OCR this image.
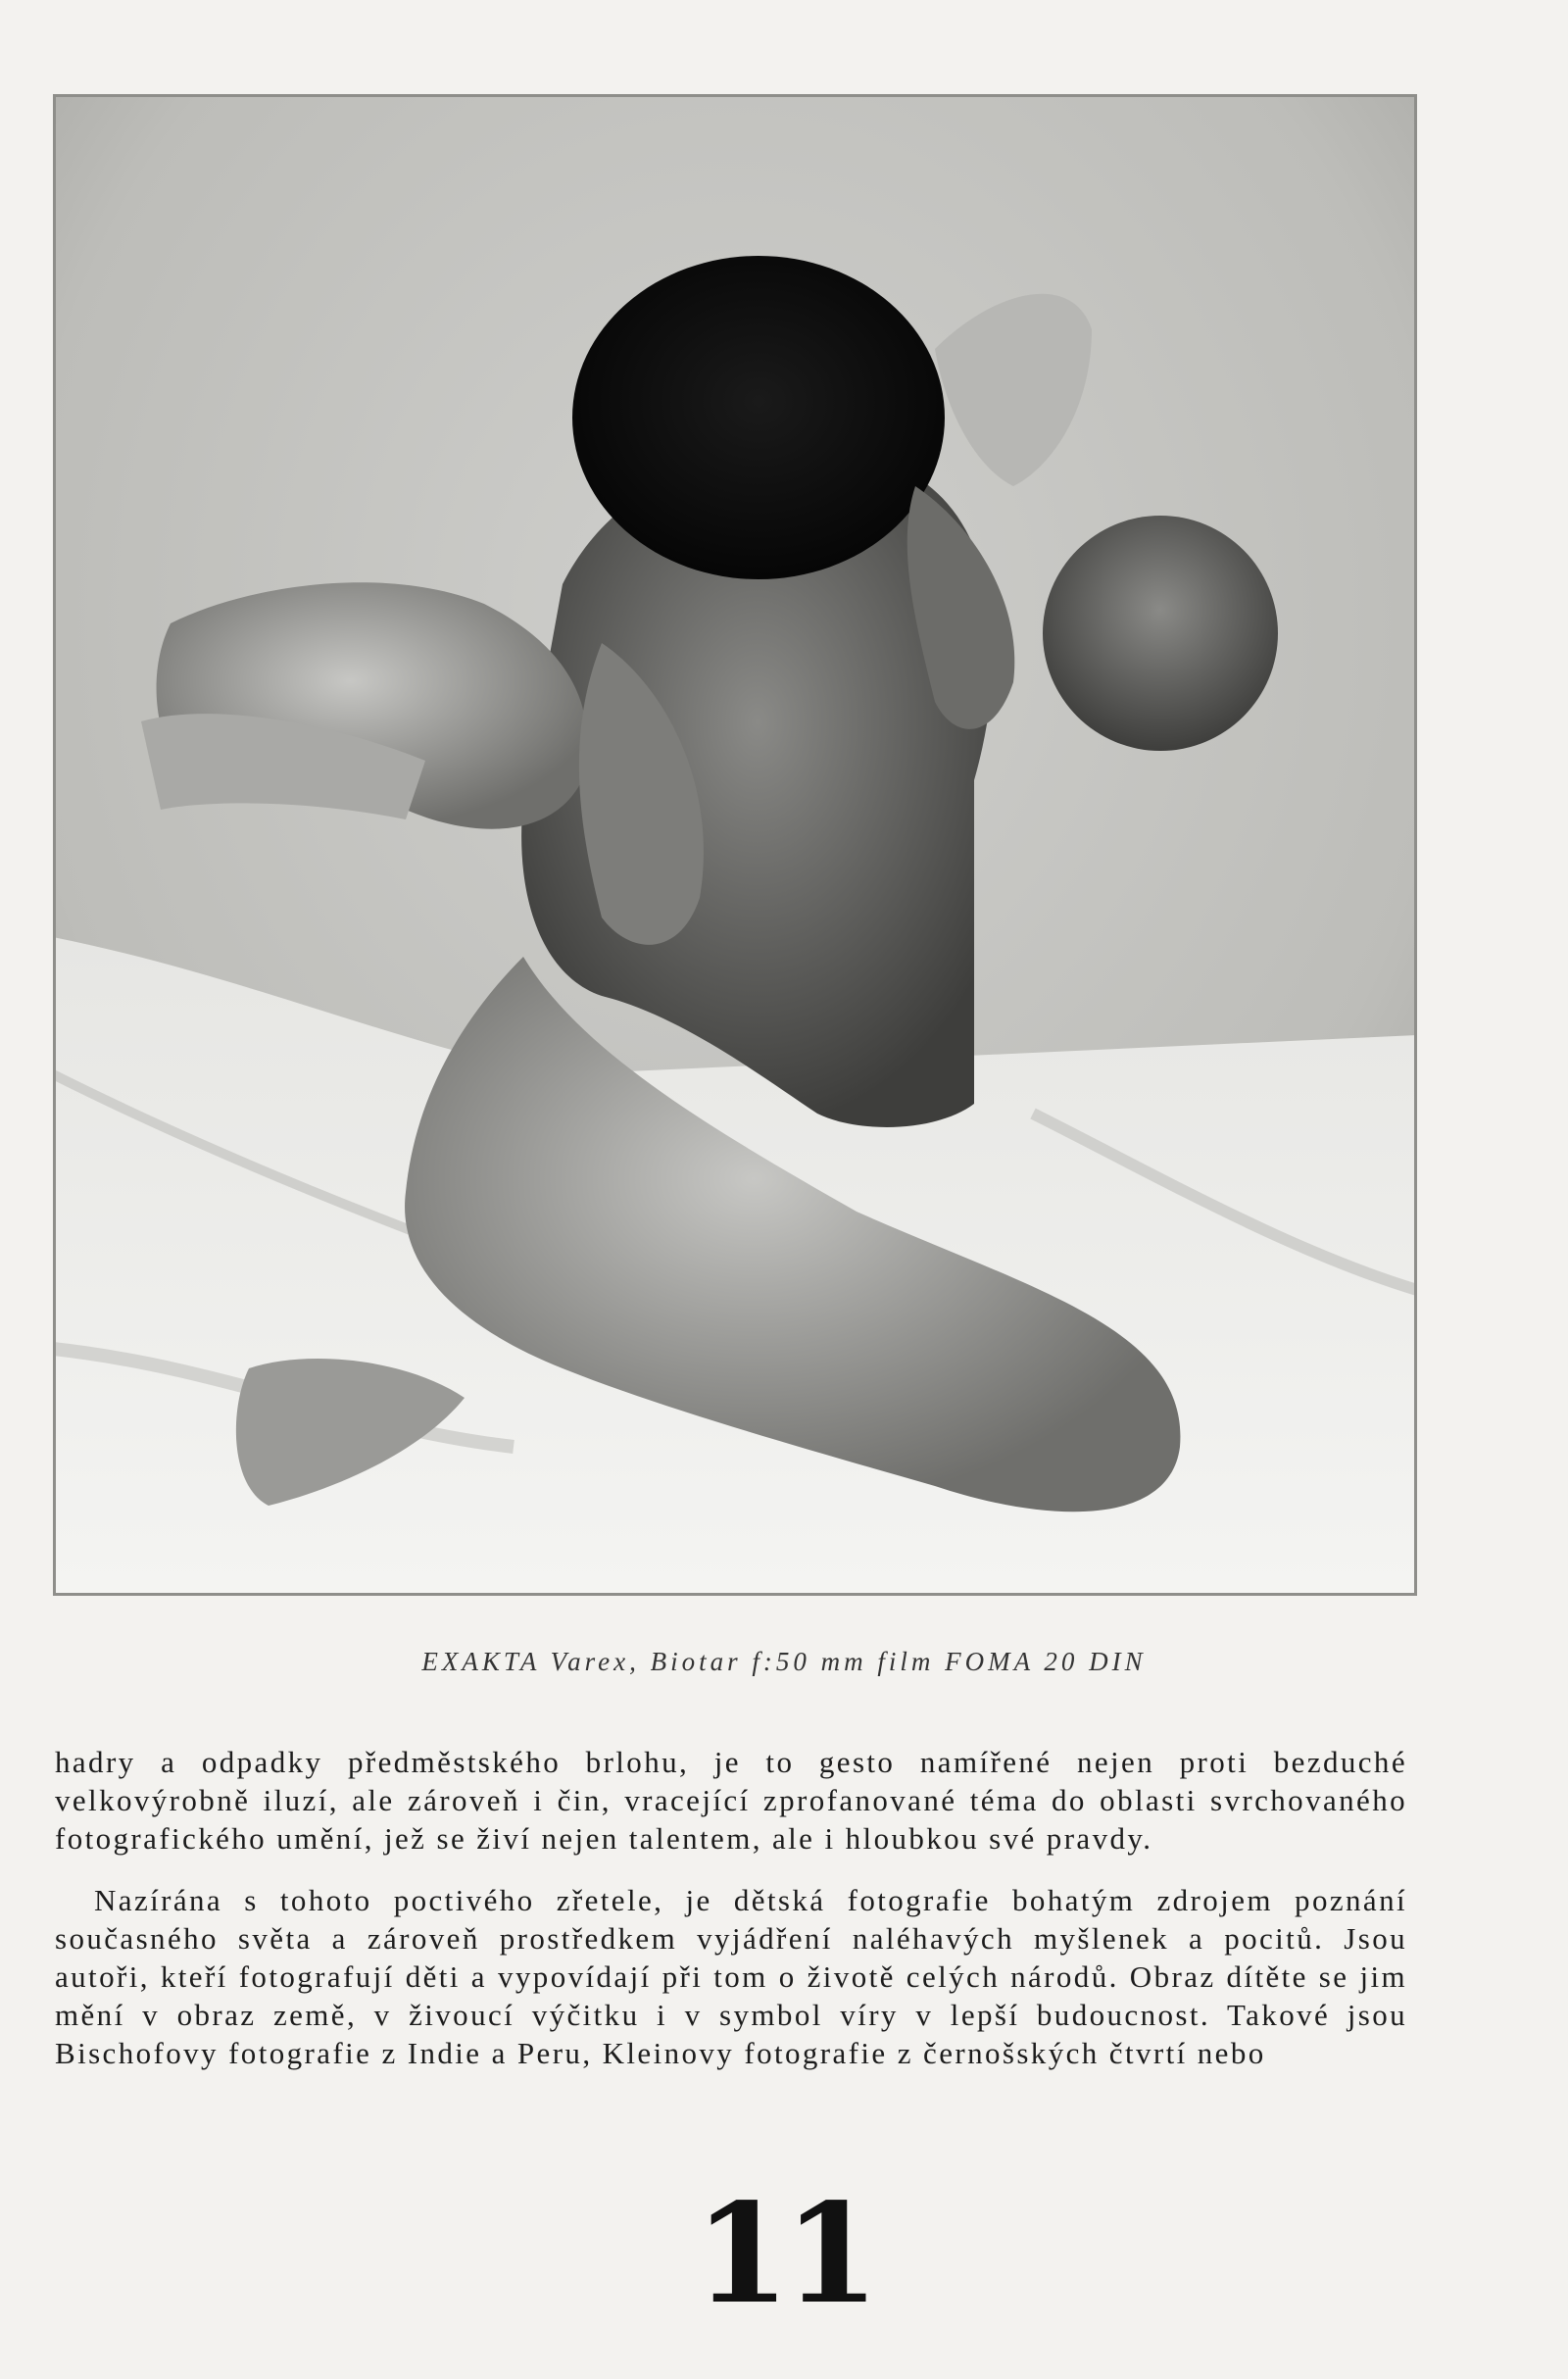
EXAKTA Varex, Biotar f:50 mm film FOMA 20 DIN

hadry a odpadky předměstského brlohu, je to gesto namířené nejen proti bezduché velkovýrobně iluzí, ale zároveň i čin, vracející zprofanované téma do oblasti svrchovaného fotografického umění, jež se živí nejen talentem, ale i hloubkou své pravdy.

Nazírána s tohoto poctivého zřetele, je dětská fotografie bohatým zdrojem poznání současného světa a zároveň prostředkem vyjádření naléhavých myšlenek a pocitů. Jsou autoři, kteří fotografují děti a vypovídají při tom o životě celých národů. Obraz dítěte se jim mění v obraz země, v živoucí výčitku i v symbol víry v lepší budoucnost. Takové jsou Bischofovy fotografie z Indie a Peru, Kleinovy fotografie z černošských čtvrtí nebo

11
